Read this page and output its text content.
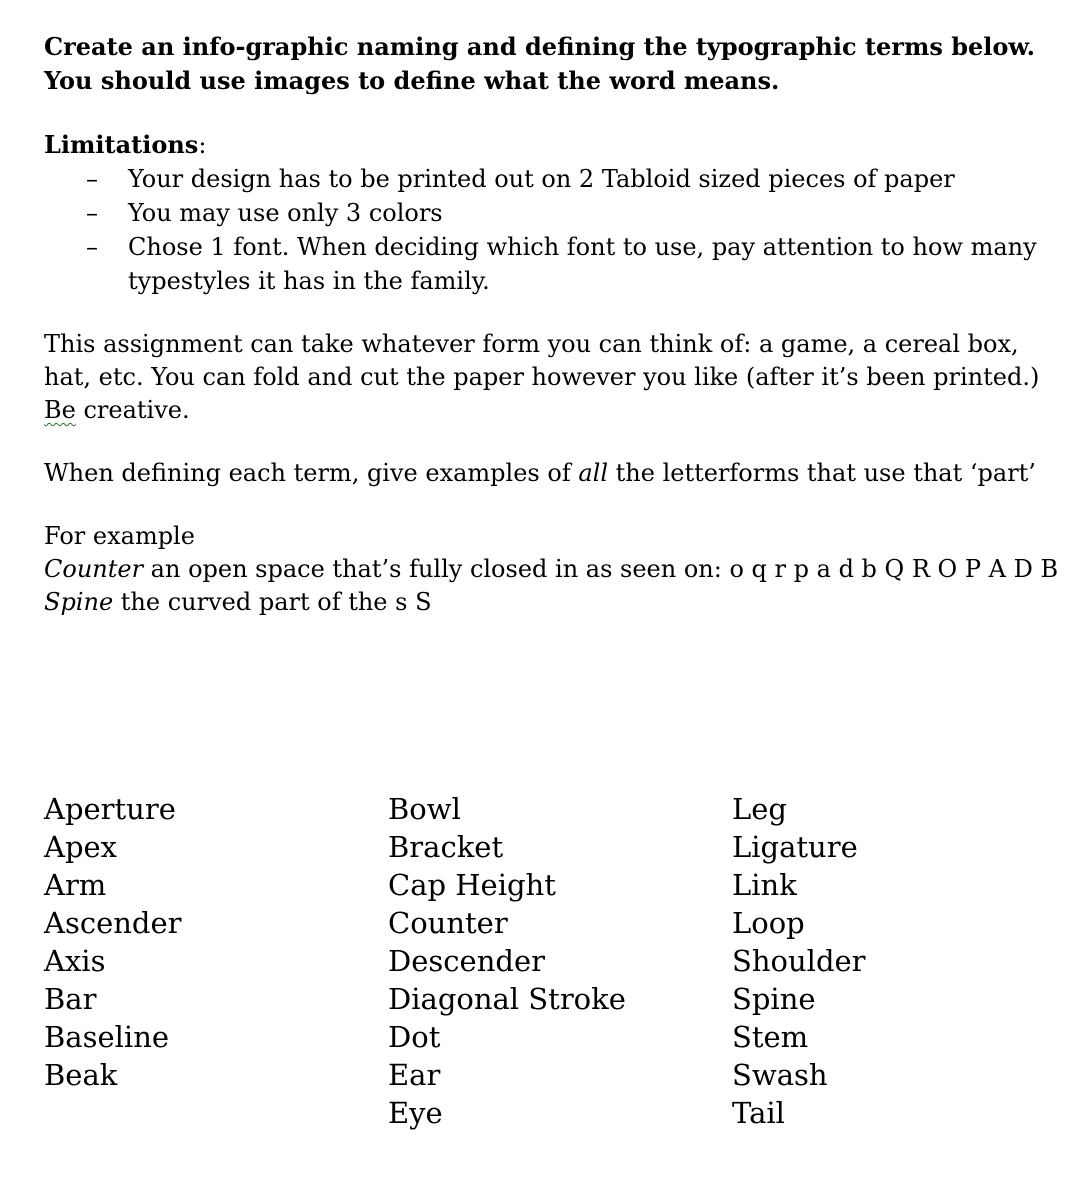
Create an info-graphic naming and defining the typographic terms below. You should use images to define what the word means.

Limitations:

– Your design has to be printed out on 2 Tabloid sized pieces of paper
– You may use only 3 colors
– Chose 1 font. When deciding which font to use, pay attention to how many typestyles it has in the family.

This assignment can take whatever form you can think of: a game, a cereal box, hat, etc. You can fold and cut the paper however you like (after it’s been printed.) Be creative.

When defining each term, give examples of all the letterforms that use that ‘part’

For example
Counter an open space that’s fully closed in as seen on: o q r p a d b Q R O P A D B
Spine the curved part of the s S
Aperture
Apex
Arm
Ascender
Axis
Bar
Baseline
Beak
Bowl
Bracket
Cap Height
Counter
Descender
Diagonal Stroke
Dot
Ear
Eye
Leg
Ligature
Link
Loop
Shoulder
Spine
Stem
Swash
Tail
